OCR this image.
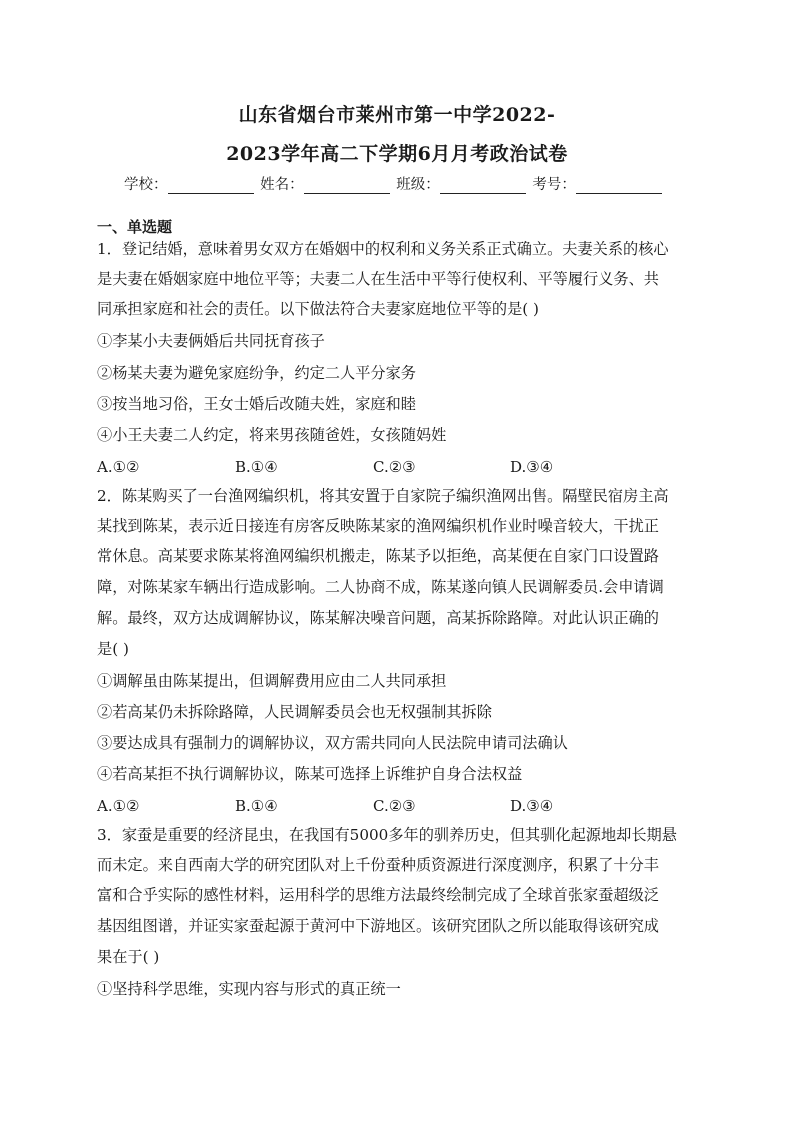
山东省烟台市莱州市第一中学2022-
2023学年高二下学期6月月考政治试卷
学校：	姓名：	班级：	考号：
一、单选题
1．登记结婚，意味着男女双方在婚姻中的权利和义务关系正式确立。夫妻关系的核心
是夫妻在婚姻家庭中地位平等；夫妻二人在生活中平等行使权利、平等履行义务、共
同承担家庭和社会的责任。以下做法符合夫妻家庭地位平等的是( )
①李某小夫妻俩婚后共同抚育孩子
②杨某夫妻为避免家庭纷争，约定二人平分家务
③按当地习俗，王女士婚后改随夫姓，家庭和睦
④小王夫妻二人约定，将来男孩随爸姓，女孩随妈姓
A.①②	B.①④	C.②③	D.③④
2．陈某购买了一台渔网编织机，将其安置于自家院子编织渔网出售。隔壁民宿房主高
某找到陈某，表示近日接连有房客反映陈某家的渔网编织机作业时噪音较大，干扰正
常休息。高某要求陈某将渔网编织机搬走，陈某予以拒绝，高某便在自家门口设置路
障，对陈某家车辆出行造成影响。二人协商不成，陈某遂向镇人民调解委员.会申请调
解。最终，双方达成调解协议，陈某解决噪音问题，高某拆除路障。对此认识正确的
是( )
①调解虽由陈某提出，但调解费用应由二人共同承担
②若高某仍未拆除路障，人民调解委员会也无权强制其拆除
③要达成具有强制力的调解协议，双方需共同向人民法院申请司法确认
④若高某拒不执行调解协议，陈某可选择上诉维护自身合法权益
A.①②	B.①④	C.②③	D.③④
3．家蚕是重要的经济昆虫，在我国有5000多年的驯养历史，但其驯化起源地却长期悬
而未定。来自西南大学的研究团队对上千份蚕种质资源进行深度测序，积累了十分丰
富和合乎实际的感性材料，运用科学的思维方法最终绘制完成了全球首张家蚕超级泛
基因组图谱，并证实家蚕起源于黄河中下游地区。该研究团队之所以能取得该研究成
果在于( )
①坚持科学思维，实现内容与形式的真正统一
